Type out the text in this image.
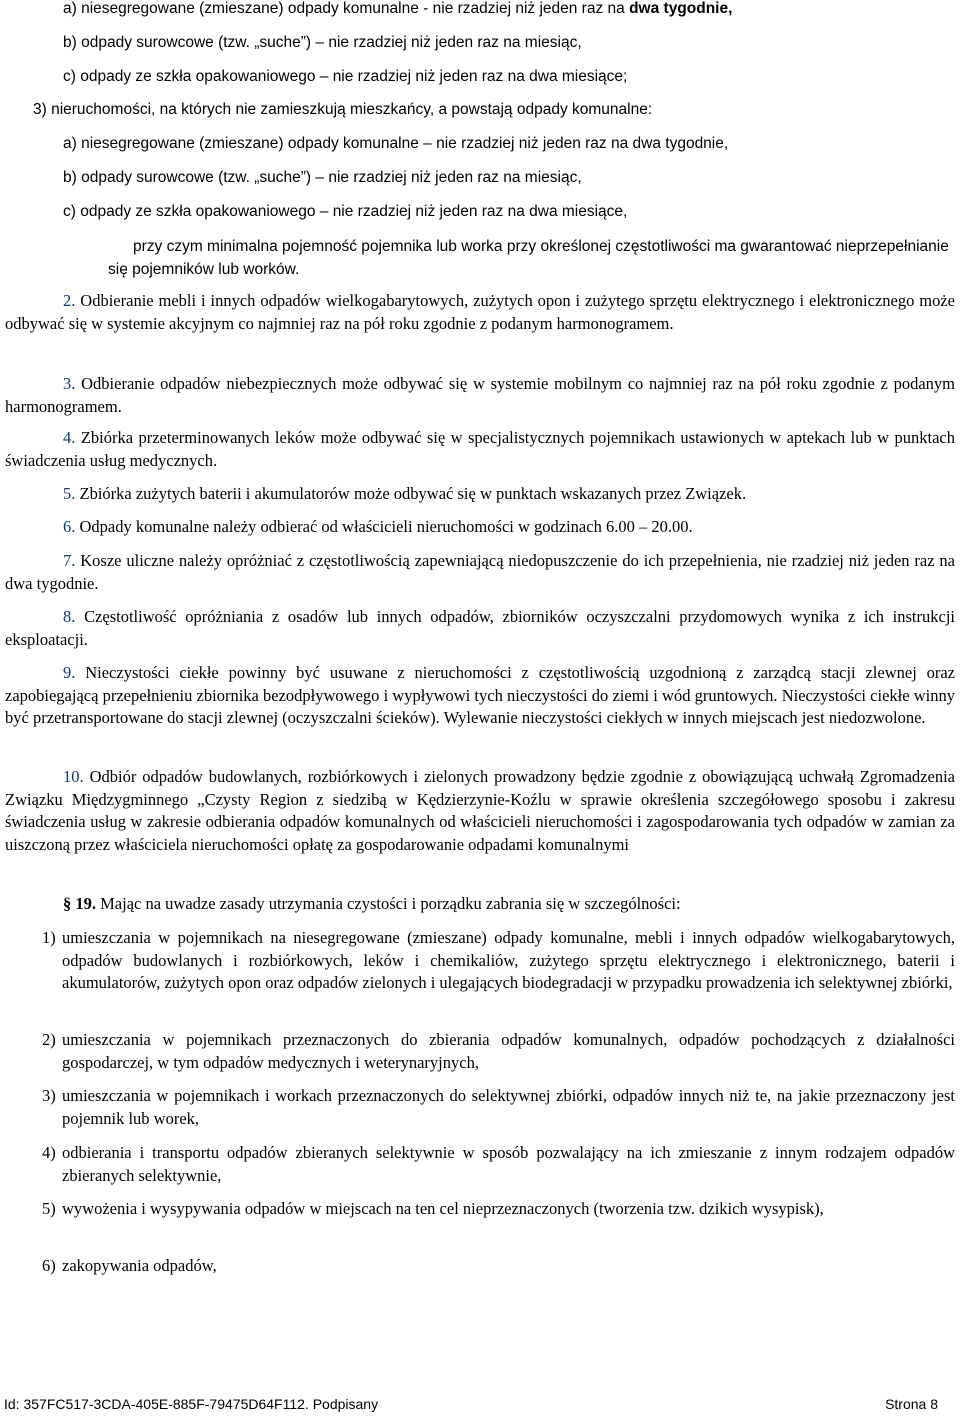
a) niesegregowane (zmieszane) odpady komunalne - nie rzadziej niż jeden raz na dwa tygodnie,
b) odpady surowcowe (tzw. „suche”) – nie rzadziej niż jeden raz na miesiąc,
c) odpady ze szkła opakowaniowego – nie rzadziej niż jeden raz na dwa miesiące;
3) nieruchomości, na których nie zamieszkują mieszkańcy, a powstają odpady komunalne:
a) niesegregowane (zmieszane) odpady komunalne – nie rzadziej niż jeden raz na dwa tygodnie,
b) odpady surowcowe (tzw. „suche”) – nie rzadziej niż jeden raz na miesiąc,
c) odpady ze szkła opakowaniowego – nie rzadziej niż jeden raz na dwa miesiące,
przy czym minimalna pojemność pojemnika lub worka przy określonej częstotliwości ma gwarantować nieprzepełnianie się pojemników lub worków.
2. Odbieranie mebli i innych odpadów wielkogabarytowych, zużytych opon i zużytego sprzętu elektrycznego i elektronicznego może odbywać się w systemie akcyjnym co najmniej raz na pół roku zgodnie z podanym harmonogramem.
3. Odbieranie odpadów niebezpiecznych może odbywać się w systemie mobilnym co najmniej raz na pół roku zgodnie z podanym harmonogramem.
4. Zbiórka przeterminowanych leków może odbywać się w specjalistycznych pojemnikach ustawionych w aptekach lub w punktach świadczenia usług medycznych.
5. Zbiórka zużytych baterii i akumulatorów może odbywać się w punktach wskazanych przez Związek.
6. Odpady komunalne należy odbierać od właścicieli nieruchomości w godzinach 6.00 – 20.00.
7. Kosze uliczne należy opróżniać z częstotliwością zapewniającą niedopuszczenie do ich przepełnienia, nie rzadziej niż jeden raz na dwa tygodnie.
8. Częstotliwość opróżniania z osadów lub innych odpadów, zbiorników oczyszczalni przydomowych wynika z ich instrukcji eksploatacji.
9. Nieczystości ciekłe powinny być usuwane z nieruchomości z częstotliwością uzgodnioną z zarządcą stacji zlewnej oraz zapobiegającą przepełnieniu zbiornika bezodpływowego i wypływowi tych nieczystości do ziemi i wód gruntowych. Nieczystości ciekłe winny być przetransportowane do stacji zlewnej (oczyszczalni ścieków). Wylewanie nieczystości ciekłych w innych miejscach jest niedozwolone.
10. Odbiór odpadów budowlanych, rozbiórkowych i zielonych prowadzony będzie zgodnie z obowiązującą uchwałą Zgromadzenia Związku Międzygminnego „Czysty Region z siedzibą w Kędzierzynie-Koźlu w sprawie określenia szczegółowego sposobu i zakresu świadczenia usług w zakresie odbierania odpadów komunalnych od właścicieli nieruchomości i zagospodarowania tych odpadów w zamian za uiszczoną przez właściciela nieruchomości opłatę za gospodarowanie odpadami komunalnymi
§ 19. Mając na uwadze zasady utrzymania czystości i porządku zabrania się w szczególności:
1) umieszczania w pojemnikach na niesegregowane (zmieszane) odpady komunalne, mebli i innych odpadów wielkogabarytowych, odpadów budowlanych i rozbiórkowych, leków i chemikaliów, zużytego sprzętu elektrycznego i elektronicznego, baterii i akumulatorów, zużytych opon oraz odpadów zielonych i ulegających biodegradacji w przypadku prowadzenia ich selektywnej zbiórki,
2) umieszczania w pojemnikach przeznaczonych do zbierania odpadów komunalnych, odpadów pochodzących z działalności gospodarczej, w tym odpadów medycznych i weterynaryjnych,
3) umieszczania w pojemnikach i workach przeznaczonych do selektywnej zbiórki, odpadów innych niż te, na jakie przeznaczony jest pojemnik lub worek,
4) odbierania i transportu odpadów zbieranych selektywnie w sposób pozwalający na ich zmieszanie z innym rodzajem odpadów zbieranych selektywnie,
5) wywożenia i wysypywania odpadów w miejscach na ten cel nieprzeznaczonych (tworzenia tzw. dzikich wysypisk),
6) zakopywania odpadów,
Id: 357FC517-3CDA-405E-885F-79475D64F112. Podpisany	Strona 8
